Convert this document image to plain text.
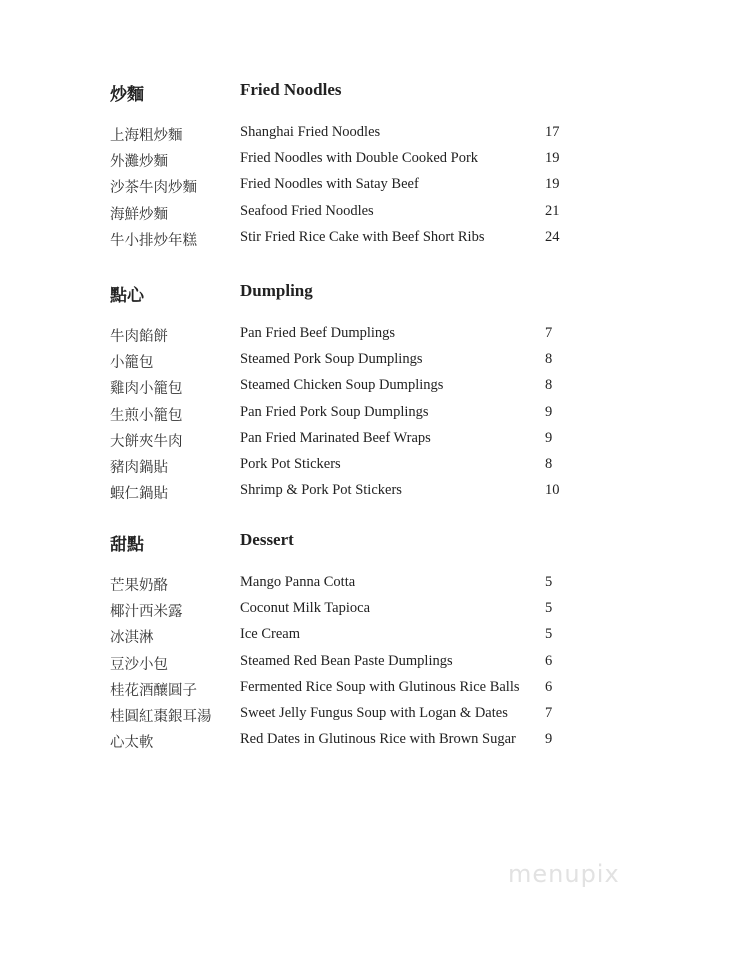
炒麵	Fried Noodles
上海粗炒麵	Shanghai Fried Noodles	17
外灘炒麵	Fried Noodles with Double Cooked Pork	19
沙茶牛肉炒麵	Fried Noodles with Satay Beef	19
海鮮炒麵	Seafood Fried Noodles	21
牛小排炒年糕	Stir Fried Rice Cake with Beef Short Ribs	24
點心	Dumpling
牛肉餡餅	Pan Fried Beef Dumplings	7
小籠包	Steamed Pork Soup Dumplings	8
雞肉小籠包	Steamed Chicken Soup Dumplings	8
生煎小籠包	Pan Fried Pork Soup Dumplings	9
大餅夾牛肉	Pan Fried Marinated Beef Wraps	9
豬肉鍋貼	Pork Pot Stickers	8
蝦仁鍋貼	Shrimp & Pork Pot Stickers	10
甜點	Dessert
芒果奶酪	Mango Panna Cotta	5
椰汁西米露	Coconut Milk Tapioca	5
冰淇淋	Ice Cream	5
豆沙小包	Steamed Red Bean Paste Dumplings	6
桂花酒釀圓子	Fermented Rice Soup with Glutinous Rice Balls 6
桂圓紅棗銀耳湯 Sweet Jelly Fungus Soup with Logan & Dates	7
心太軟	Red Dates in Glutinous Rice with Brown Sugar 9
menupix
